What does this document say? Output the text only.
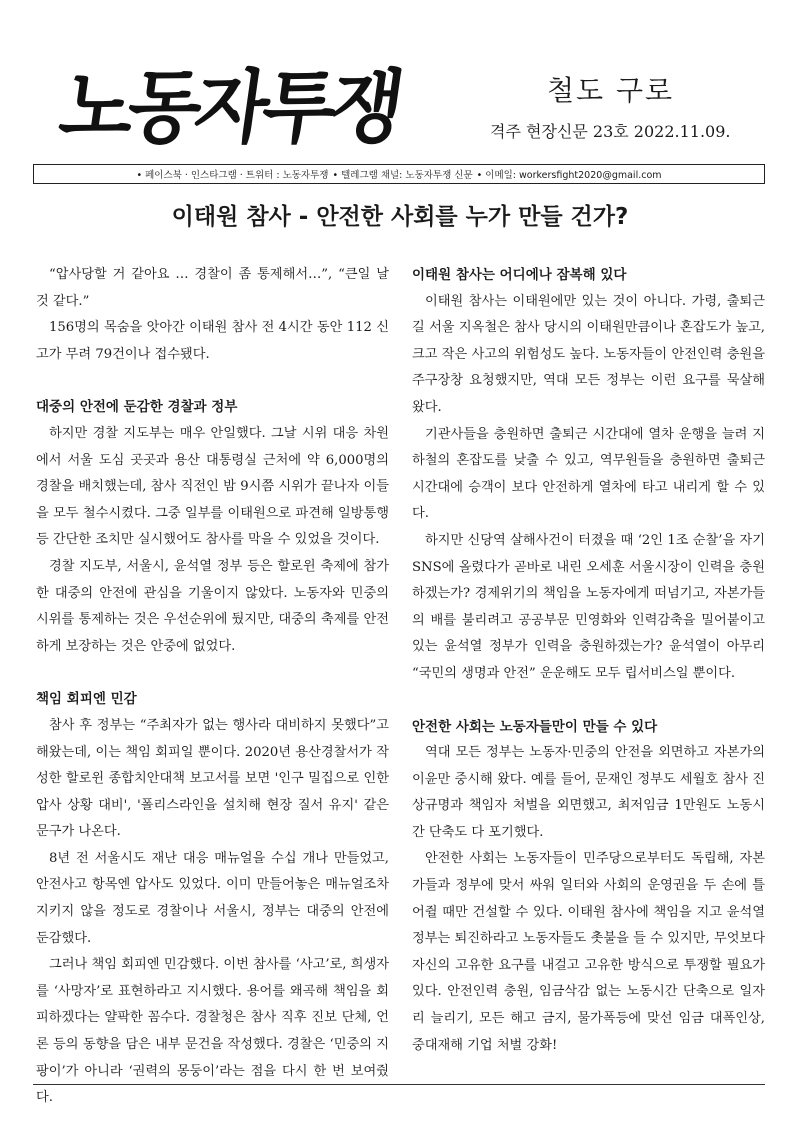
노동자투쟁	철도 구로
격주 현장신문 23호 2022.11.09.
• 페이스북 · 인스타그램 · 트위터 : 노동자투쟁 • 텔레그램 채널: 노동자투쟁 신문 • 이메일: workersfight2020@gmail.com
이태원 참사 - 안전한 사회를 누가 만들 건가?

“압사당할 거 같아요 … 경찰이 좀 통제해서…”, “큰일 날 것 같다.”

156명의 목숨을 앗아간 이태원 참사 전 4시간 동안 112 신고가 무려 79건이나 접수됐다.

대중의 안전에 둔감한 경찰과 정부

하지만 경찰 지도부는 매우 안일했다. 그날 시위 대응 차원에서 서울 도심 곳곳과 용산 대통령실 근처에 약 6,000명의 경찰을 배치했는데, 참사 직전인 밤 9시쯤 시위가 끝나자 이들을 모두 철수시켰다. 그중 일부를 이태원으로 파견해 일방통행 등 간단한 조치만 실시했어도 참사를 막을 수 있었을 것이다.

경찰 지도부, 서울시, 윤석열 정부 등은 할로윈 축제에 참가한 대중의 안전에 관심을 기울이지 않았다. 노동자와 민중의 시위를 통제하는 것은 우선순위에 뒀지만, 대중의 축제를 안전하게 보장하는 것은 안중에 없었다.

책임 회피엔 민감

참사 후 정부는 “주최자가 없는 행사라 대비하지 못했다”고 해왔는데, 이는 책임 회피일 뿐이다. 2020년 용산경찰서가 작성한 할로윈 종합치안대책 보고서를 보면 '인구 밀집으로 인한 압사 상황 대비', '폴리스라인을 설치해 현장 질서 유지' 같은 문구가 나온다.

8년 전 서울시도 재난 대응 매뉴얼을 수십 개나 만들었고, 안전사고 항목엔 압사도 있었다. 이미 만들어놓은 매뉴얼조차 지키지 않을 정도로 경찰이나 서울시, 정부는 대중의 안전에 둔감했다.

그러나 책임 회피엔 민감했다. 이번 참사를 ‘사고’로, 희생자를 ‘사망자’로 표현하라고 지시했다. 용어를 왜곡해 책임을 회피하겠다는 얄팍한 꼼수다. 경찰청은 참사 직후 진보 단체, 언론 등의 동향을 담은 내부 문건을 작성했다. 경찰은 ‘민중의 지팡이’가 아니라 ‘권력의 몽둥이’라는 점을 다시 한 번 보여줬다.

이태원 참사는 어디에나 잠복해 있다

이태원 참사는 이태원에만 있는 것이 아니다. 가령, 출퇴근길 서울 지옥철은 참사 당시의 이태원만큼이나 혼잡도가 높고, 크고 작은 사고의 위험성도 높다. 노동자들이 안전인력 충원을 주구장창 요청했지만, 역대 모든 정부는 이런 요구를 묵살해 왔다.

기관사들을 충원하면 출퇴근 시간대에 열차 운행을 늘려 지하철의 혼잡도를 낮출 수 있고, 역무원들을 충원하면 출퇴근 시간대에 승객이 보다 안전하게 열차에 타고 내리게 할 수 있다.

하지만 신당역 살해사건이 터졌을 때 ‘2인 1조 순찰’을 자기 SNS에 올렸다가 곧바로 내린 오세훈 서울시장이 인력을 충원하겠는가? 경제위기의 책임을 노동자에게 떠넘기고, 자본가들의 배를 불리려고 공공부문 민영화와 인력감축을 밀어붙이고 있는 윤석열 정부가 인력을 충원하겠는가? 윤석열이 아무리 “국민의 생명과 안전” 운운해도 모두 립서비스일 뿐이다.

안전한 사회는 노동자들만이 만들 수 있다

역대 모든 정부는 노동자·민중의 안전을 외면하고 자본가의 이윤만 중시해 왔다. 예를 들어, 문재인 정부도 세월호 참사 진상규명과 책임자 처벌을 외면했고, 최저임금 1만원도 노동시간 단축도 다 포기했다.

안전한 사회는 노동자들이 민주당으로부터도 독립해, 자본가들과 정부에 맞서 싸워 일터와 사회의 운영권을 두 손에 틀어쥘 때만 건설할 수 있다. 이태원 참사에 책임을 지고 윤석열 정부는 퇴진하라고 노동자들도 촛불을 들 수 있지만, 무엇보다 자신의 고유한 요구를 내걸고 고유한 방식으로 투쟁할 필요가 있다. 안전인력 충원, 임금삭감 없는 노동시간 단축으로 일자리 늘리기, 모든 해고 금지, 물가폭등에 맞선 임금 대폭인상, 중대재해 기업 처벌 강화!
